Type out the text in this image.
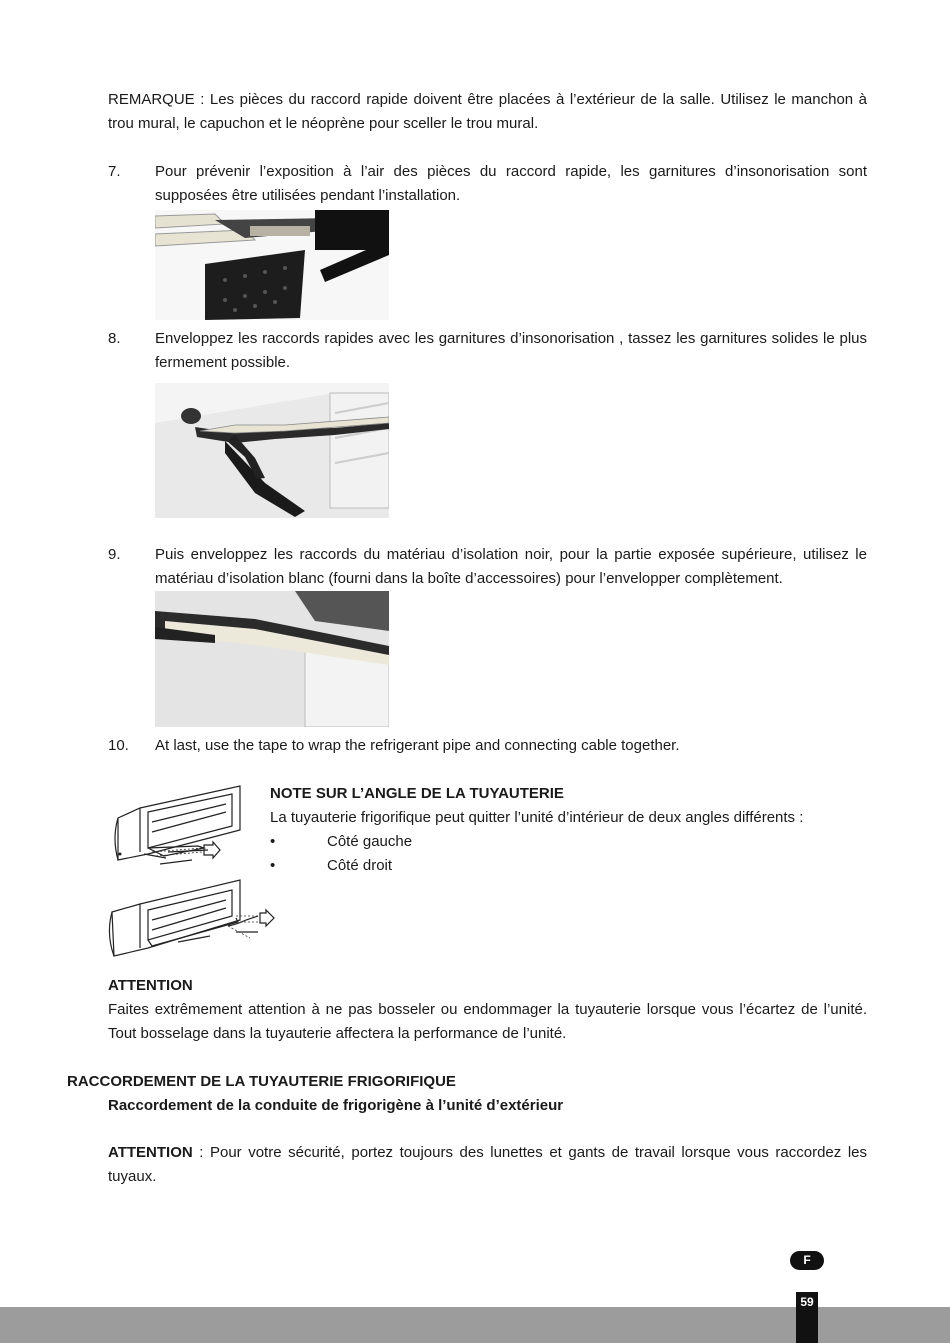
REMARQUE : Les pièces du raccord rapide doivent être placées à l’extérieur de la salle. Utilisez le manchon à trou mural, le capuchon et le néoprène pour sceller le trou mural.
7.	Pour prévenir l’exposition à l’air des pièces du raccord rapide, les garnitures d’insonorisation sont supposées être utilisées pendant l’installation.
8.	Enveloppez les raccords rapides avec les garnitures d’insonorisation , tassez les garnitures solides le plus fermement possible.
9.	Puis enveloppez les raccords du matériau d’isolation noir, pour la partie exposée supérieure, utilisez le matériau d’isolation blanc (fourni dans la boîte d’accessoires) pour l’envelopper complètement.
10.	At last, use the tape to wrap the refrigerant pipe and connecting cable together.
NOTE SUR L’ANGLE DE LA TUYAUTERIE
La tuyauterie frigorifique peut quitter l’unité d’intérieur de deux angles différents :
•	Côté gauche
•	Côté droit
ATTENTION
Faites extrêmement attention à ne pas bosseler ou endommager la tuyauterie lorsque vous l’écartez de l’unité. Tout bosselage dans la tuyauterie affectera la performance de l’unité.
RACCORDEMENT DE LA TUYAUTERIE FRIGORIFIQUE
Raccordement de la conduite de frigorigène à l’unité d’extérieur
ATTENTION : Pour votre sécurité, portez toujours des lunettes et gants de travail lorsque vous raccordez les tuyaux.
F
59
